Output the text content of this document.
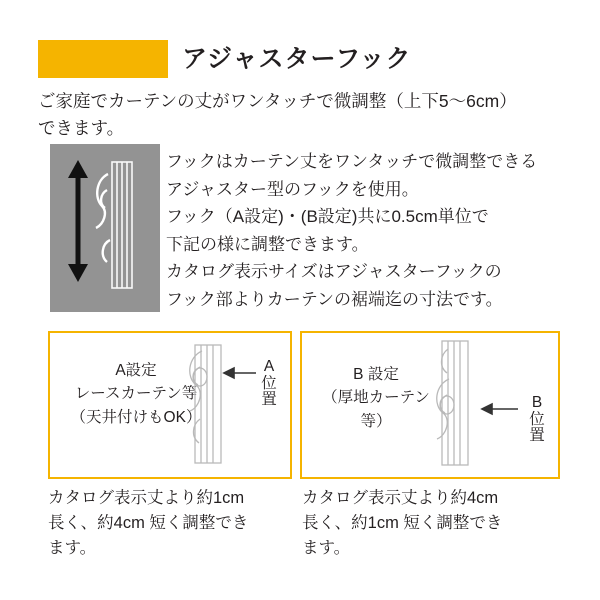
アジャスターフック
ご家庭でカーテンの丈がワンタッチで微調整（上下5〜6cm）
できます。
フックはカーテン丈をワンタッチで微調整できる
アジャスター型のフックを使用。
フック（A設定)・(B設定)共に0.5cm単位で
下記の様に調整できます。
カタログ表示サイズはアジャスターフックの
フック部よりカーテンの裾端迄の寸法です。
A設定
レースカーテン等
（天井付けもOK）
A
位
置
B 設定
（厚地カーテン等）
B
位
置
カタログ表示丈より約1cm
長く、約4cm 短く調整でき
ます。
カタログ表示丈より約4cm
長く、約1cm 短く調整でき
ます。
